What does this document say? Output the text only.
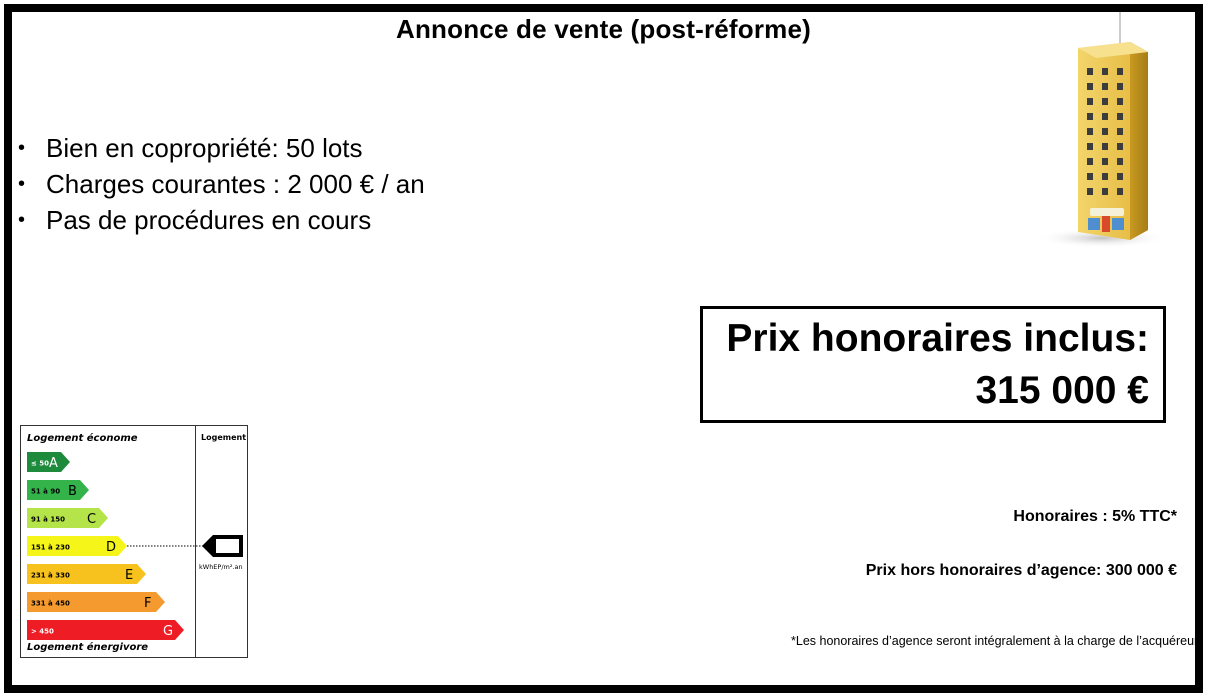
Annonce de vente (post-réforme)
• Bien en copropriété: 50 lots
• Charges courantes : 2 000 € / an
• Pas de procédures en cours
Prix honoraires inclus:
315 000 €
Honoraires : 5% TTC*
Prix hors honoraires d’agence: 300 000 €
*Les honoraires d’agence seront intégralement à la charge de l’acquéreur.
Logement économe	Logement
Logement énergivore
kWhEP/m².an
≤ 50 A
51 à 90 B
91 à 150 C
151 à 230	D
231 à 330	E
331 à 450	F
> 450	G
